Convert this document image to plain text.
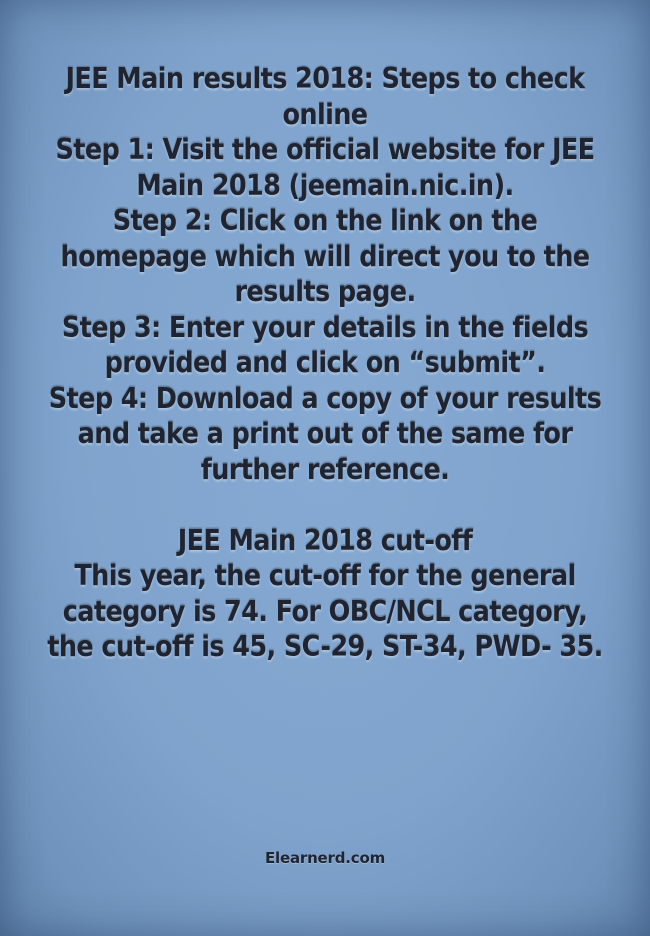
JEE Main results 2018: Steps to check
online
Step 1: Visit the official website for JEE
Main 2018 (jeemain.nic.in).
Step 2: Click on the link on the
homepage which will direct you to the
results page.
Step 3: Enter your details in the fields
provided and click on “submit”.
Step 4: Download a copy of your results
and take a print out of the same for
further reference.
JEE Main 2018 cut-off
This year, the cut-off for the general
category is 74. For OBC/NCL category,
the cut-off is 45, SC-29, ST-34, PWD- 35.
Elearnerd.com
